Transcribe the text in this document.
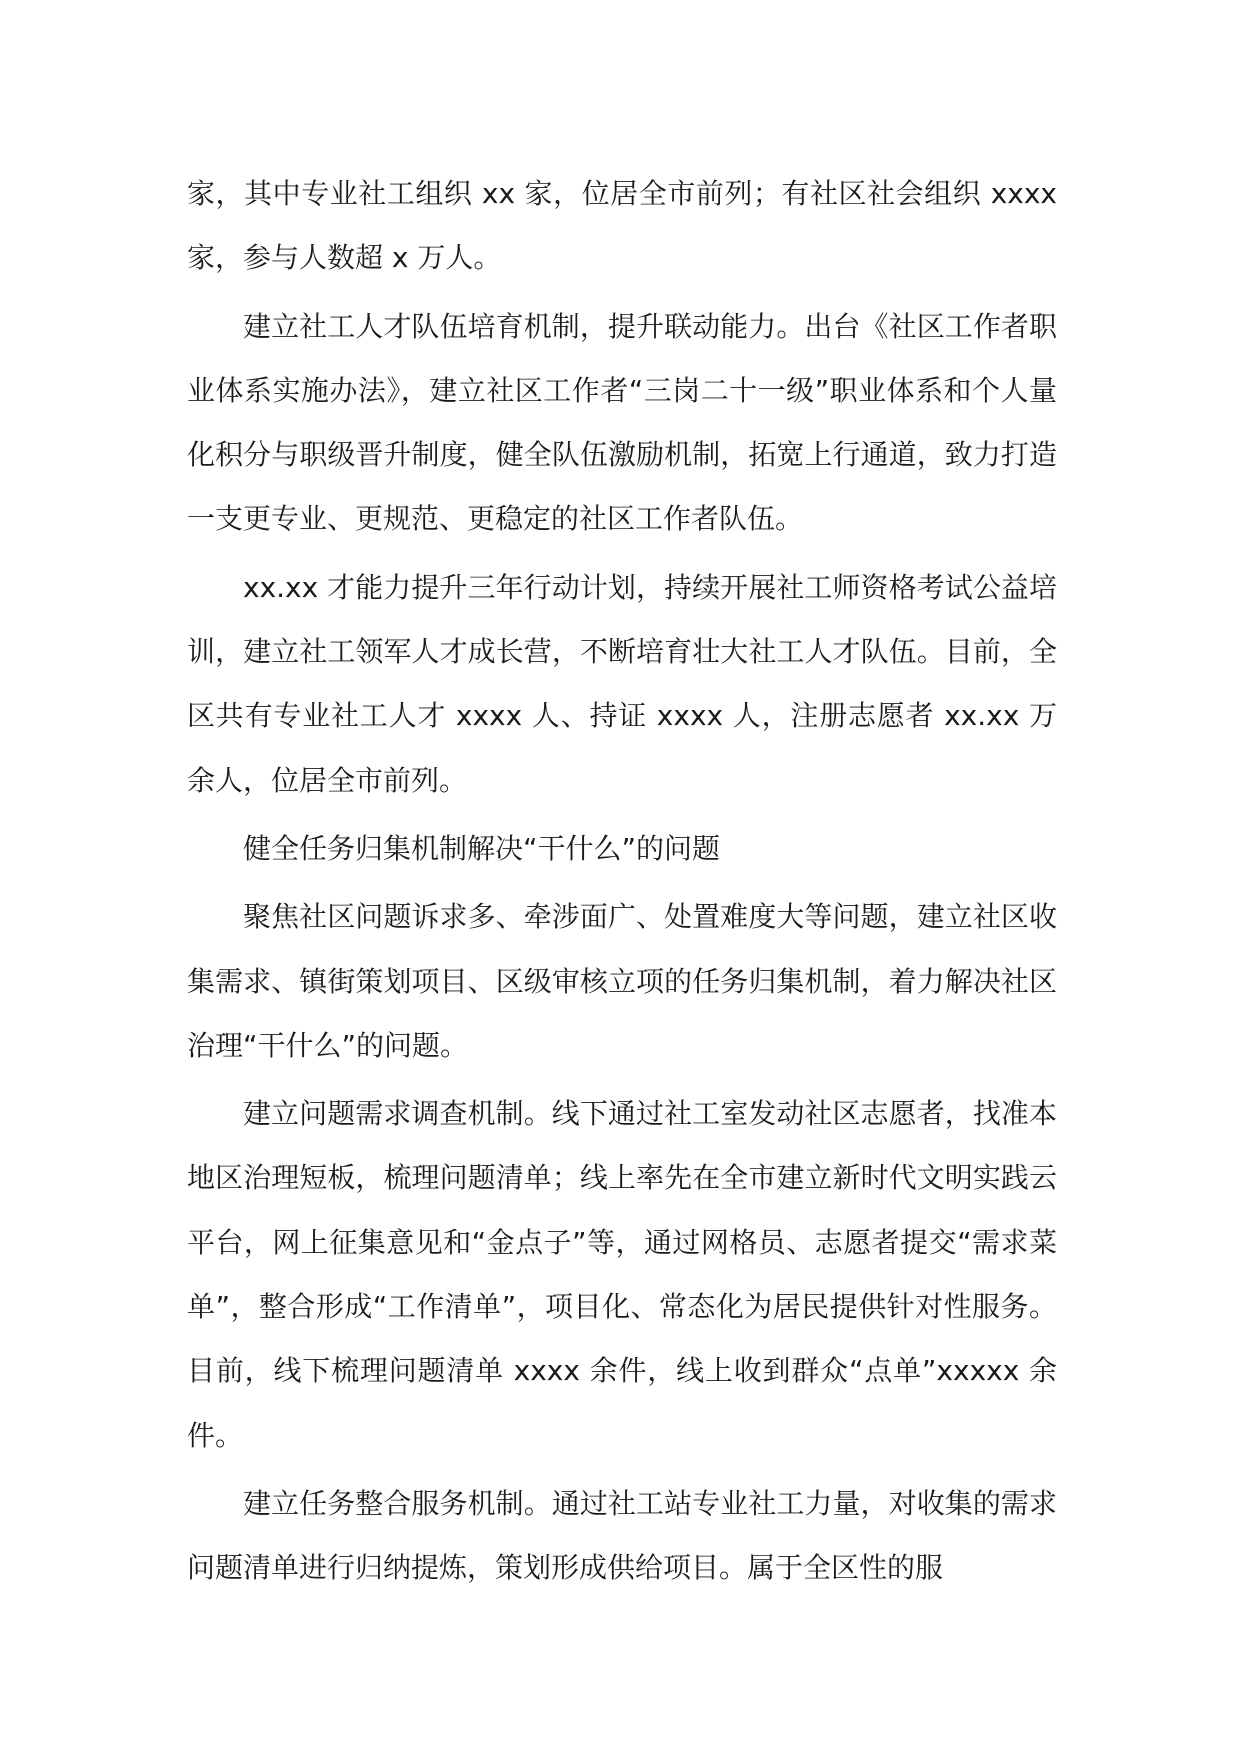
家，其中专业社工组织 xx 家，位居全市前列；有社区社会组织 xxxx 家，参与人数超 x 万人。

建立社工人才队伍培育机制，提升联动能力。出台《社区工作者职业体系实施办法》，建立社区工作者“三岗二十一级”职业体系和个人量化积分与职级晋升制度，健全队伍激励机制，拓宽上行通道，致力打造一支更专业、更规范、更稳定的社区工作者队伍。

xx.xx 才能力提升三年行动计划，持续开展社工师资格考试公益培训，建立社工领军人才成长营，不断培育壮大社工人才队伍。目前，全区共有专业社工人才 xxxx 人、持证 xxxx 人，注册志愿者 xx.xx 万余人，位居全市前列。

健全任务归集机制解决“干什么”的问题

聚焦社区问题诉求多、牵涉面广、处置难度大等问题，建立社区收集需求、镇街策划项目、区级审核立项的任务归集机制，着力解决社区治理“干什么”的问题。

建立问题需求调查机制。线下通过社工室发动社区志愿者，找准本地区治理短板，梳理问题清单；线上率先在全市建立新时代文明实践云平台，网上征集意见和“金点子”等，通过网格员、志愿者提交“需求菜单”，整合形成“工作清单”，项目化、常态化为居民提供针对性服务。目前，线下梳理问题清单 xxxx 余件，线上收到群众“点单”xxxxx 余件。

建立任务整合服务机制。通过社工站专业社工力量，对收集的需求问题清单进行归纳提炼，策划形成供给项目。属于全区性的服
